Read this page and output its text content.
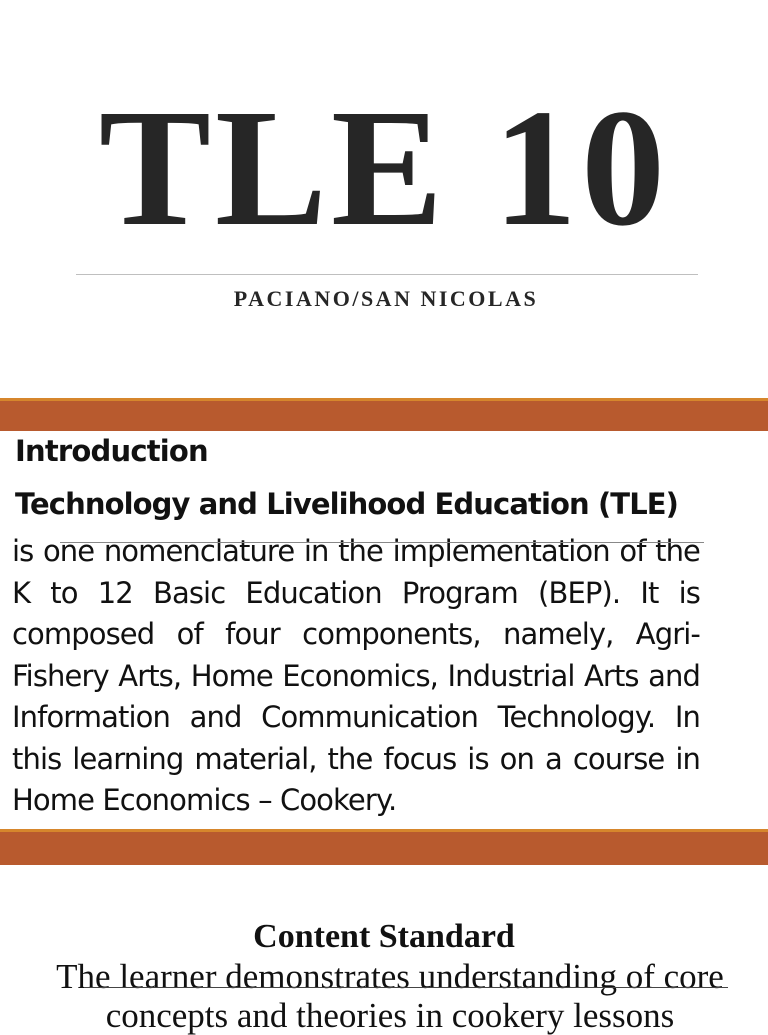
TLE 10
PACIANO/SAN NICOLAS
Introduction
Technology and Livelihood Education (TLE)

is one nomenclature in the implementation of the K to 12 Basic Education Program (BEP). It is composed of four components, namely, Agri-Fishery Arts, Home Economics, Industrial Arts and Information and Communication Technology. In this learning material, the focus is on a course in Home Economics – Cookery.

Content Standard

The learner demonstrates understanding of core concepts and theories in cookery lessons
